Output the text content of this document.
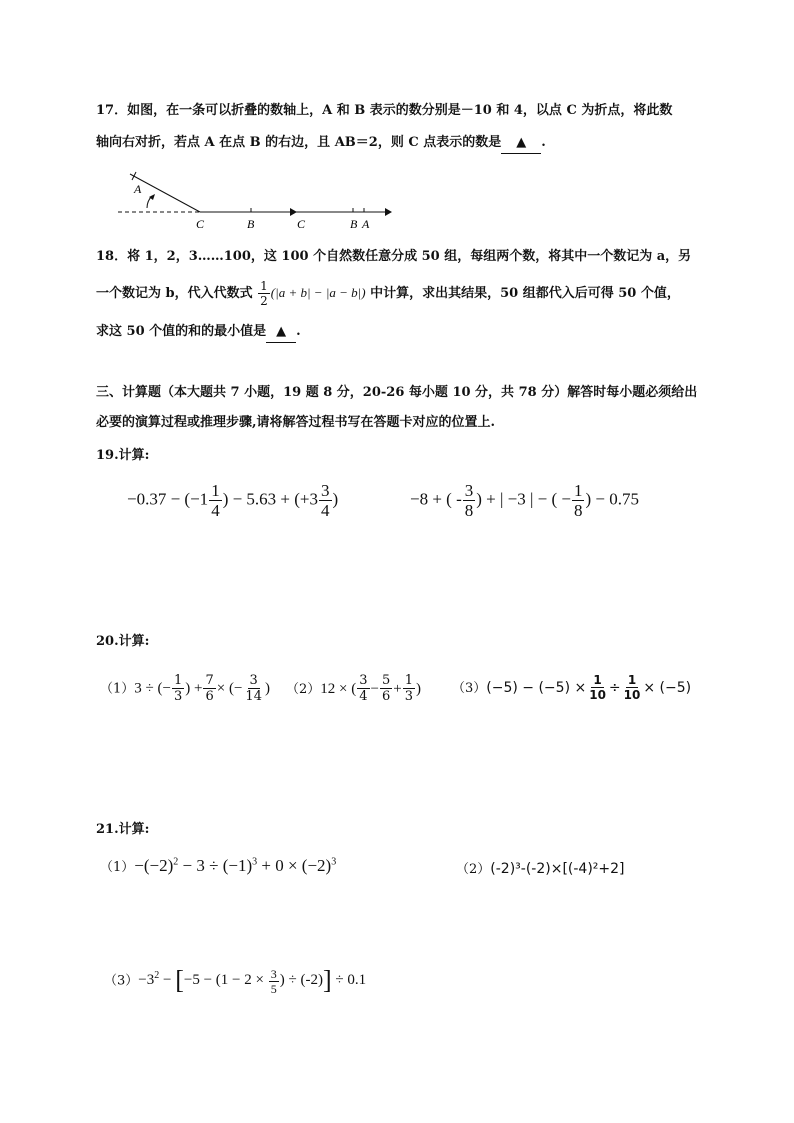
17．如图，在一条可以折叠的数轴上，A 和 B 表示的数分别是－10 和 4，以点 C 为折点，将此数
轴向右对折，若点 A 在点 B 的右边，且 AB＝2，则 C 点表示的数是 ▲ .
A
C	B	C	B A
18．将 1，2，3……100，这 100 个自然数任意分成 50 组，每组两个数，将其中一个数记为 a，另
一个数记为 b，代入代数式 $\frac{1}{2} (|a + b| - |a - b|)$ 中计算，求出其结果，50 组都代入后可得 50 个值，
求这 50 个值的和的最小值是 ▲ .
三、计算题（本大题共 7 小题，19 题 8 分，20-26 每小题 10 分，共 78 分）解答时每小题必须给出
必要的演算过程或推理步骤,请将解答过程书写在答题卡对应的位置上.
19.计算:
$-0.37 - (-1 \frac{1}{4}$ ) − $5.63 + (+3 \frac{3}{4}$ )	−8 + ( - $\frac{3}{8}$ ) + | −3 | − ( − $\frac{1}{8}$ ) − 0.75
20.计算:
（1）3 ÷ (− $\frac{1}{3}$ ) + $\frac{7}{6}$ × (− $\frac{3}{14}$ ) （2）12 × ( $\frac{3}{4} - \frac{5}{6} + \frac{1}{3}$ ) $(3)(-5) - (-5) \times \frac{1}{10} \div \frac{1}{10} \times (-5)$
21.计算:
$(1)-(-2)^2 - 3 \div (-1)^3 + 0 \times (-2)^3$
（2）(-2)³-(-2)×[(-4)²+2]
$(3)-3^2 - [-5 - (1 - 2 \times \frac{3}{5}$ ) ÷ (-2)] ÷ 0.1
